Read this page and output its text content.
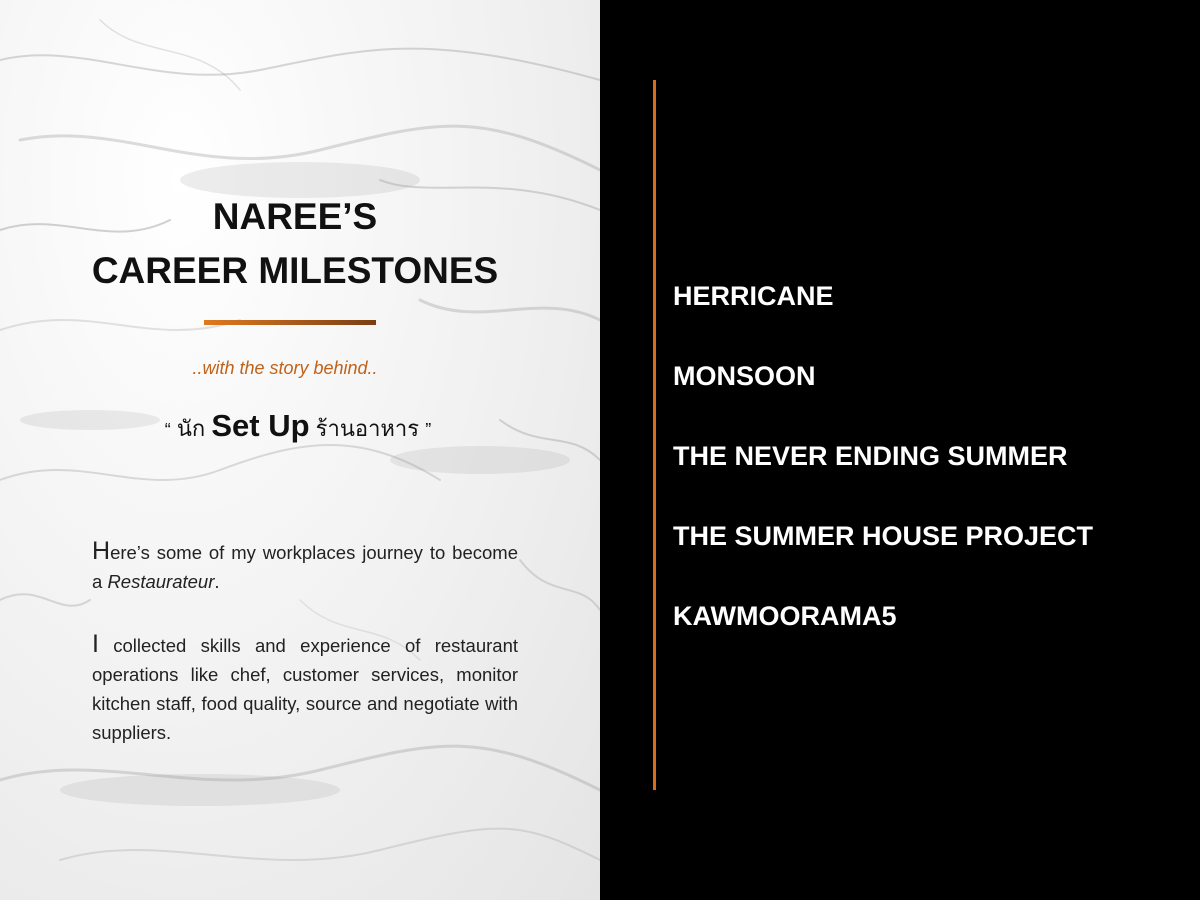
NAREE’S
CAREER MILESTONES
..with the story behind..
“ นัก Set Up ร้านอาหาร ”
Here’s some of my workplaces journey to become a Restaurateur.
I collected skills and experience of restaurant operations like chef, customer services, monitor kitchen staff, food quality, source and negotiate with suppliers.
HERRICANE
MONSOON
THE NEVER ENDING SUMMER
THE SUMMER HOUSE PROJECT
KAWMOORAMA5
